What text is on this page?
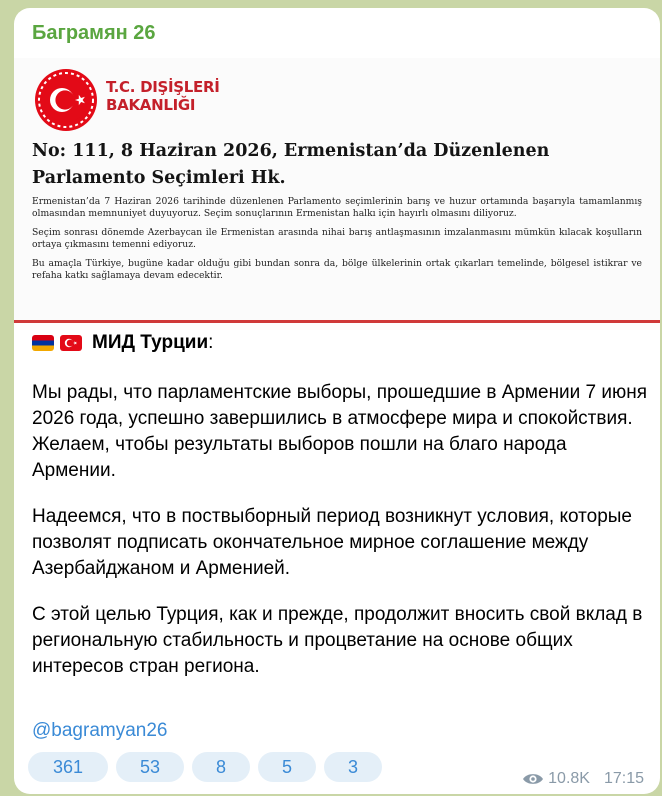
Баграмян 26
T.C. DIŞİŞLERİ
BAKANLIĞI
No: 111, 8 Haziran 2026, Ermenistan’da Düzenlenen Parlamento Seçimleri Hk.

Ermenistan’da 7 Haziran 2026 tarihinde düzenlenen Parlamento seçimlerinin barış ve huzur ortamında başarıyla tamamlanmış olmasından memnuniyet duyuyoruz. Seçim sonuçlarının Ermenistan halkı için hayırlı olmasını diliyoruz.

Seçim sonrası dönemde Azerbaycan ile Ermenistan arasında nihai barış antlaşmasının imzalanmasını mümkün kılacak koşulların ortaya çıkmasını temenni ediyoruz.

Bu amaçla Türkiye, bugüne kadar olduğu gibi bundan sonra da, bölge ülkelerinin ortak çıkarları temelinde, bölgesel istikrar ve refaha katkı sağlamaya devam edecektir.

МИД Турции :

Мы рады, что парламентские выборы, прошедшие в Армении 7 июня 2026 года, успешно завершились в атмосфере мира и спокойствия. Желаем, чтобы результаты выборов пошли на благо народа Армении.

Надеемся, что в поствыборный период возникнут условия, которые позволят подписать окончательное мирное соглашение между Азербайджаном и Арменией.

С этой целью Турция, как и прежде, продолжит вносить свой вклад в региональную стабильность и процветание на основе общих интересов стран региона.

@bagramyan26
361	53	8	5	3
10.8K 17:15
